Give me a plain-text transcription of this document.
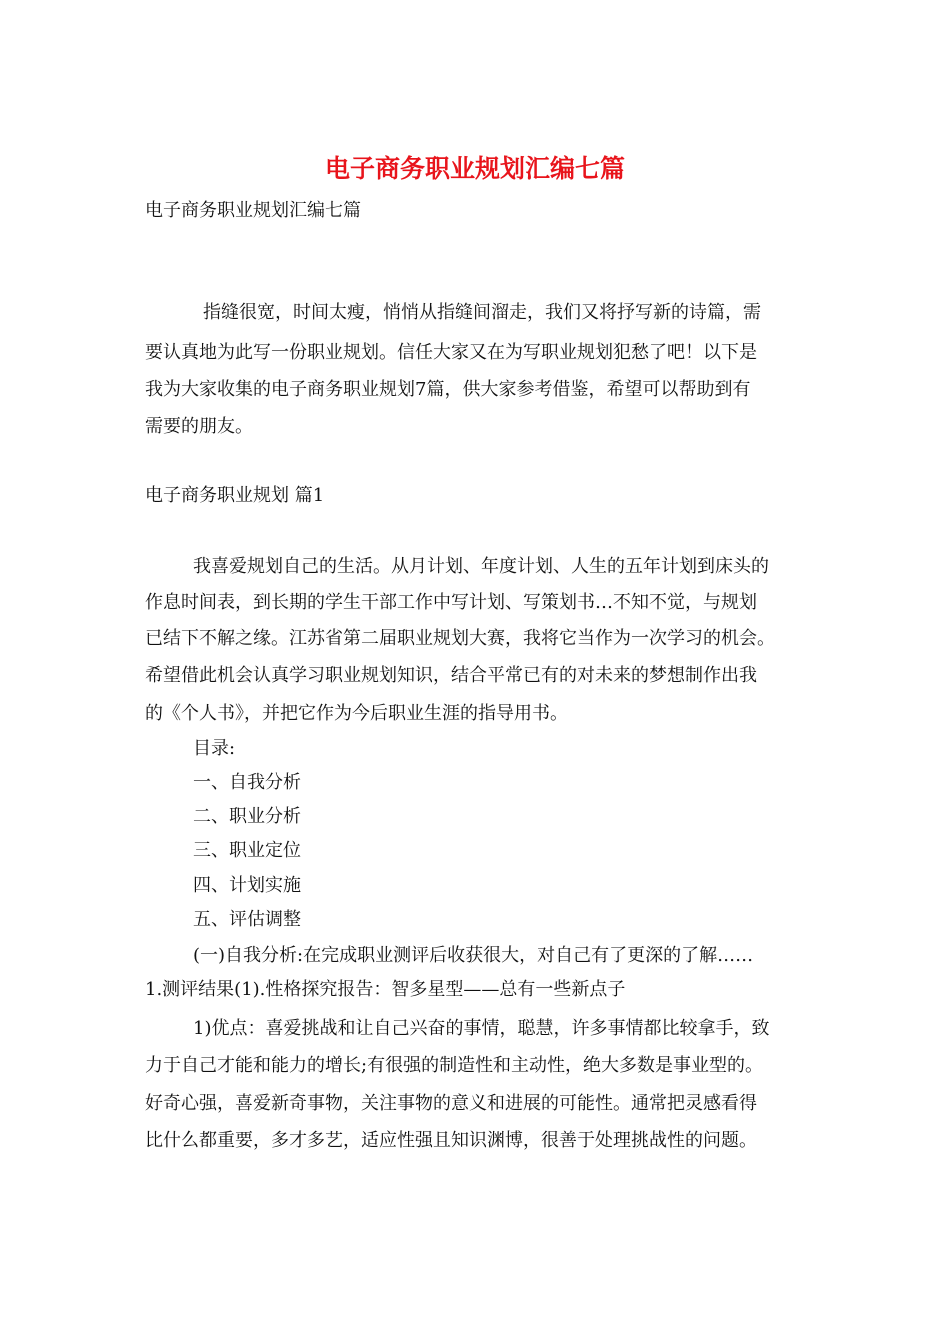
电子商务职业规划汇编七篇

电子商务职业规划汇编七篇

指缝很宽，时间太瘦，悄悄从指缝间溜走，我们又将抒写新的诗篇，需

要认真地为此写一份职业规划。信任大家又在为写职业规划犯愁了吧！以下是

我为大家收集的电子商务职业规划7篇，供大家参考借鉴，希望可以帮助到有

需要的朋友。

电子商务职业规划 篇1

我喜爱规划自己的生活。从月计划、年度计划、人生的五年计划到床头的

作息时间表，到长期的学生干部工作中写计划、写策划书…不知不觉，与规划

已结下不解之缘。江苏省第二届职业规划大赛，我将它当作为一次学习的机会。

希望借此机会认真学习职业规划知识，结合平常已有的对未来的梦想制作出我

的《个人书》，并把它作为今后职业生涯的指导用书。

目录:

一、自我分析

二、职业分析

三、职业定位

四、计划实施

五、评估调整

(一)自我分析:在完成职业测评后收获很大，对自己有了更深的了解……

1.测评结果(1).性格探究报告：智多星型——总有一些新点子

1)优点：喜爱挑战和让自己兴奋的事情，聪慧，许多事情都比较拿手，致

力于自己才能和能力的增长;有很强的制造性和主动性，绝大多数是事业型的。

好奇心强，喜爱新奇事物，关注事物的意义和进展的可能性。通常把灵感看得

比什么都重要，多才多艺，适应性强且知识渊博，很善于处理挑战性的问题。
